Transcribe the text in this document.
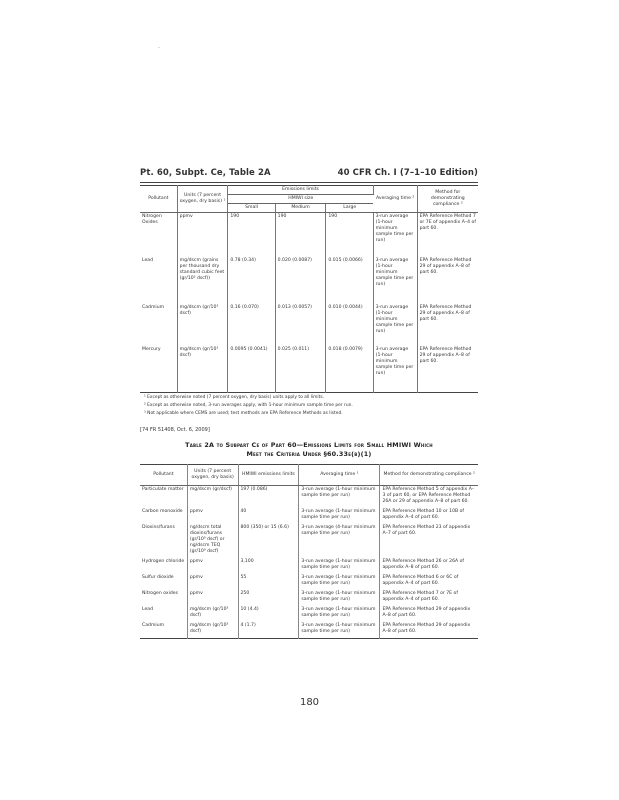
.
Pt. 60, Subpt. Ce, Table 2A	40 CFR Ch. I (7–1–10 Edition)
Pollutant	Units (7 percent oxygen, dry basis) ¹	Emissions limits			Averaging time ²	Method for demonstrating compliance ³
		HMIWI size				
		Small	Medium	Large		
Nitrogen Oxides	ppmv	190	190	190	3-run average (1-hour minimum sample time per run)	EPA Reference Method 7 or 7E of appendix A–4 of part 60.
Lead	mg/dscm (grains per thousand dry standard cubic feet (gr/10³ dscf))	0.78 (0.34)	0.020 (0.0087)	0.015 (0.0066)	3-run average (1-hour minimum sample time per run)	EPA Reference Method 29 of appendix A–8 of part 60.
Cadmium	mg/dscm (gr/10³ dscf)	0.16 (0.070)	0.013 (0.0057)	0.010 (0.0044)	3-run average (1-hour minimum sample time per run)	EPA Reference Method 29 of appendix A–8 of part 60.
Mercury	mg/dscm (gr/10³ dscf)	0.0095 (0.0041)	0.025 (0.011)	0.018 (0.0079)	3-run average (1-hour minimum sample time per run)	EPA Reference Method 29 of appendix A–8 of part 60.
¹ Except as otherwise noted (7 percent oxygen, dry basis) units apply to all limits.
² Except as otherwise noted, 3-run averages apply, with 1-hour minimum sample time per run.
³ Not applicable where CEMS are used; test methods are EPA Reference Methods as listed.
[74 FR 51408, Oct. 6, 2009]
Table 2A to Subpart Ce of Part 60—Emissions Limits for Small HMIWI Which
Meet the Criteria Under §60.33e(b)(1)
Pollutant	Units (7 percent oxygen, dry basis)	HMIWI emissions limits	Averaging time ¹	Method for demonstrating compliance ²
Particulate matter	mg/dscm (gr/dscf)	197 (0.086)	3-run average (1-hour minimum sample time per run)	EPA Reference Method 5 of appendix A–3 of part 60, or EPA Reference Method 26A or 29 of appendix A–8 of part 60.
Carbon monoxide	ppmv	40	3-run average (1-hour minimum sample time per run)	EPA Reference Method 10 or 10B of appendix A–4 of part 60.
Dioxins/furans	ng/dscm total dioxins/furans (gr/10⁹ dscf) or ng/dscm TEQ (gr/10⁹ dscf)	800 (350) or 15 (6.6)	3-run average (4-hour minimum sample time per run)	EPA Reference Method 23 of appendix A–7 of part 60.
Hydrogen chloride	ppmv	3,100	3-run average (1-hour minimum sample time per run)	EPA Reference Method 26 or 26A of appendix A–8 of part 60.
Sulfur dioxide	ppmv	55	3-run average (1-hour minimum sample time per run)	EPA Reference Method 6 or 6C of appendix A–4 of part 60.
Nitrogen oxides	ppmv	250	3-run average (1-hour minimum sample time per run)	EPA Reference Method 7 or 7E of appendix A–4 of part 60.
Lead	mg/dscm (gr/10³ dscf)	10 (4.4)	3-run average (1-hour minimum sample time per run)	EPA Reference Method 29 of appendix A–8 of part 60.
Cadmium	mg/dscm (gr/10³ dscf)	4 (1.7)	3-run average (1-hour minimum sample time per run)	EPA Reference Method 29 of appendix A–8 of part 60.
180
